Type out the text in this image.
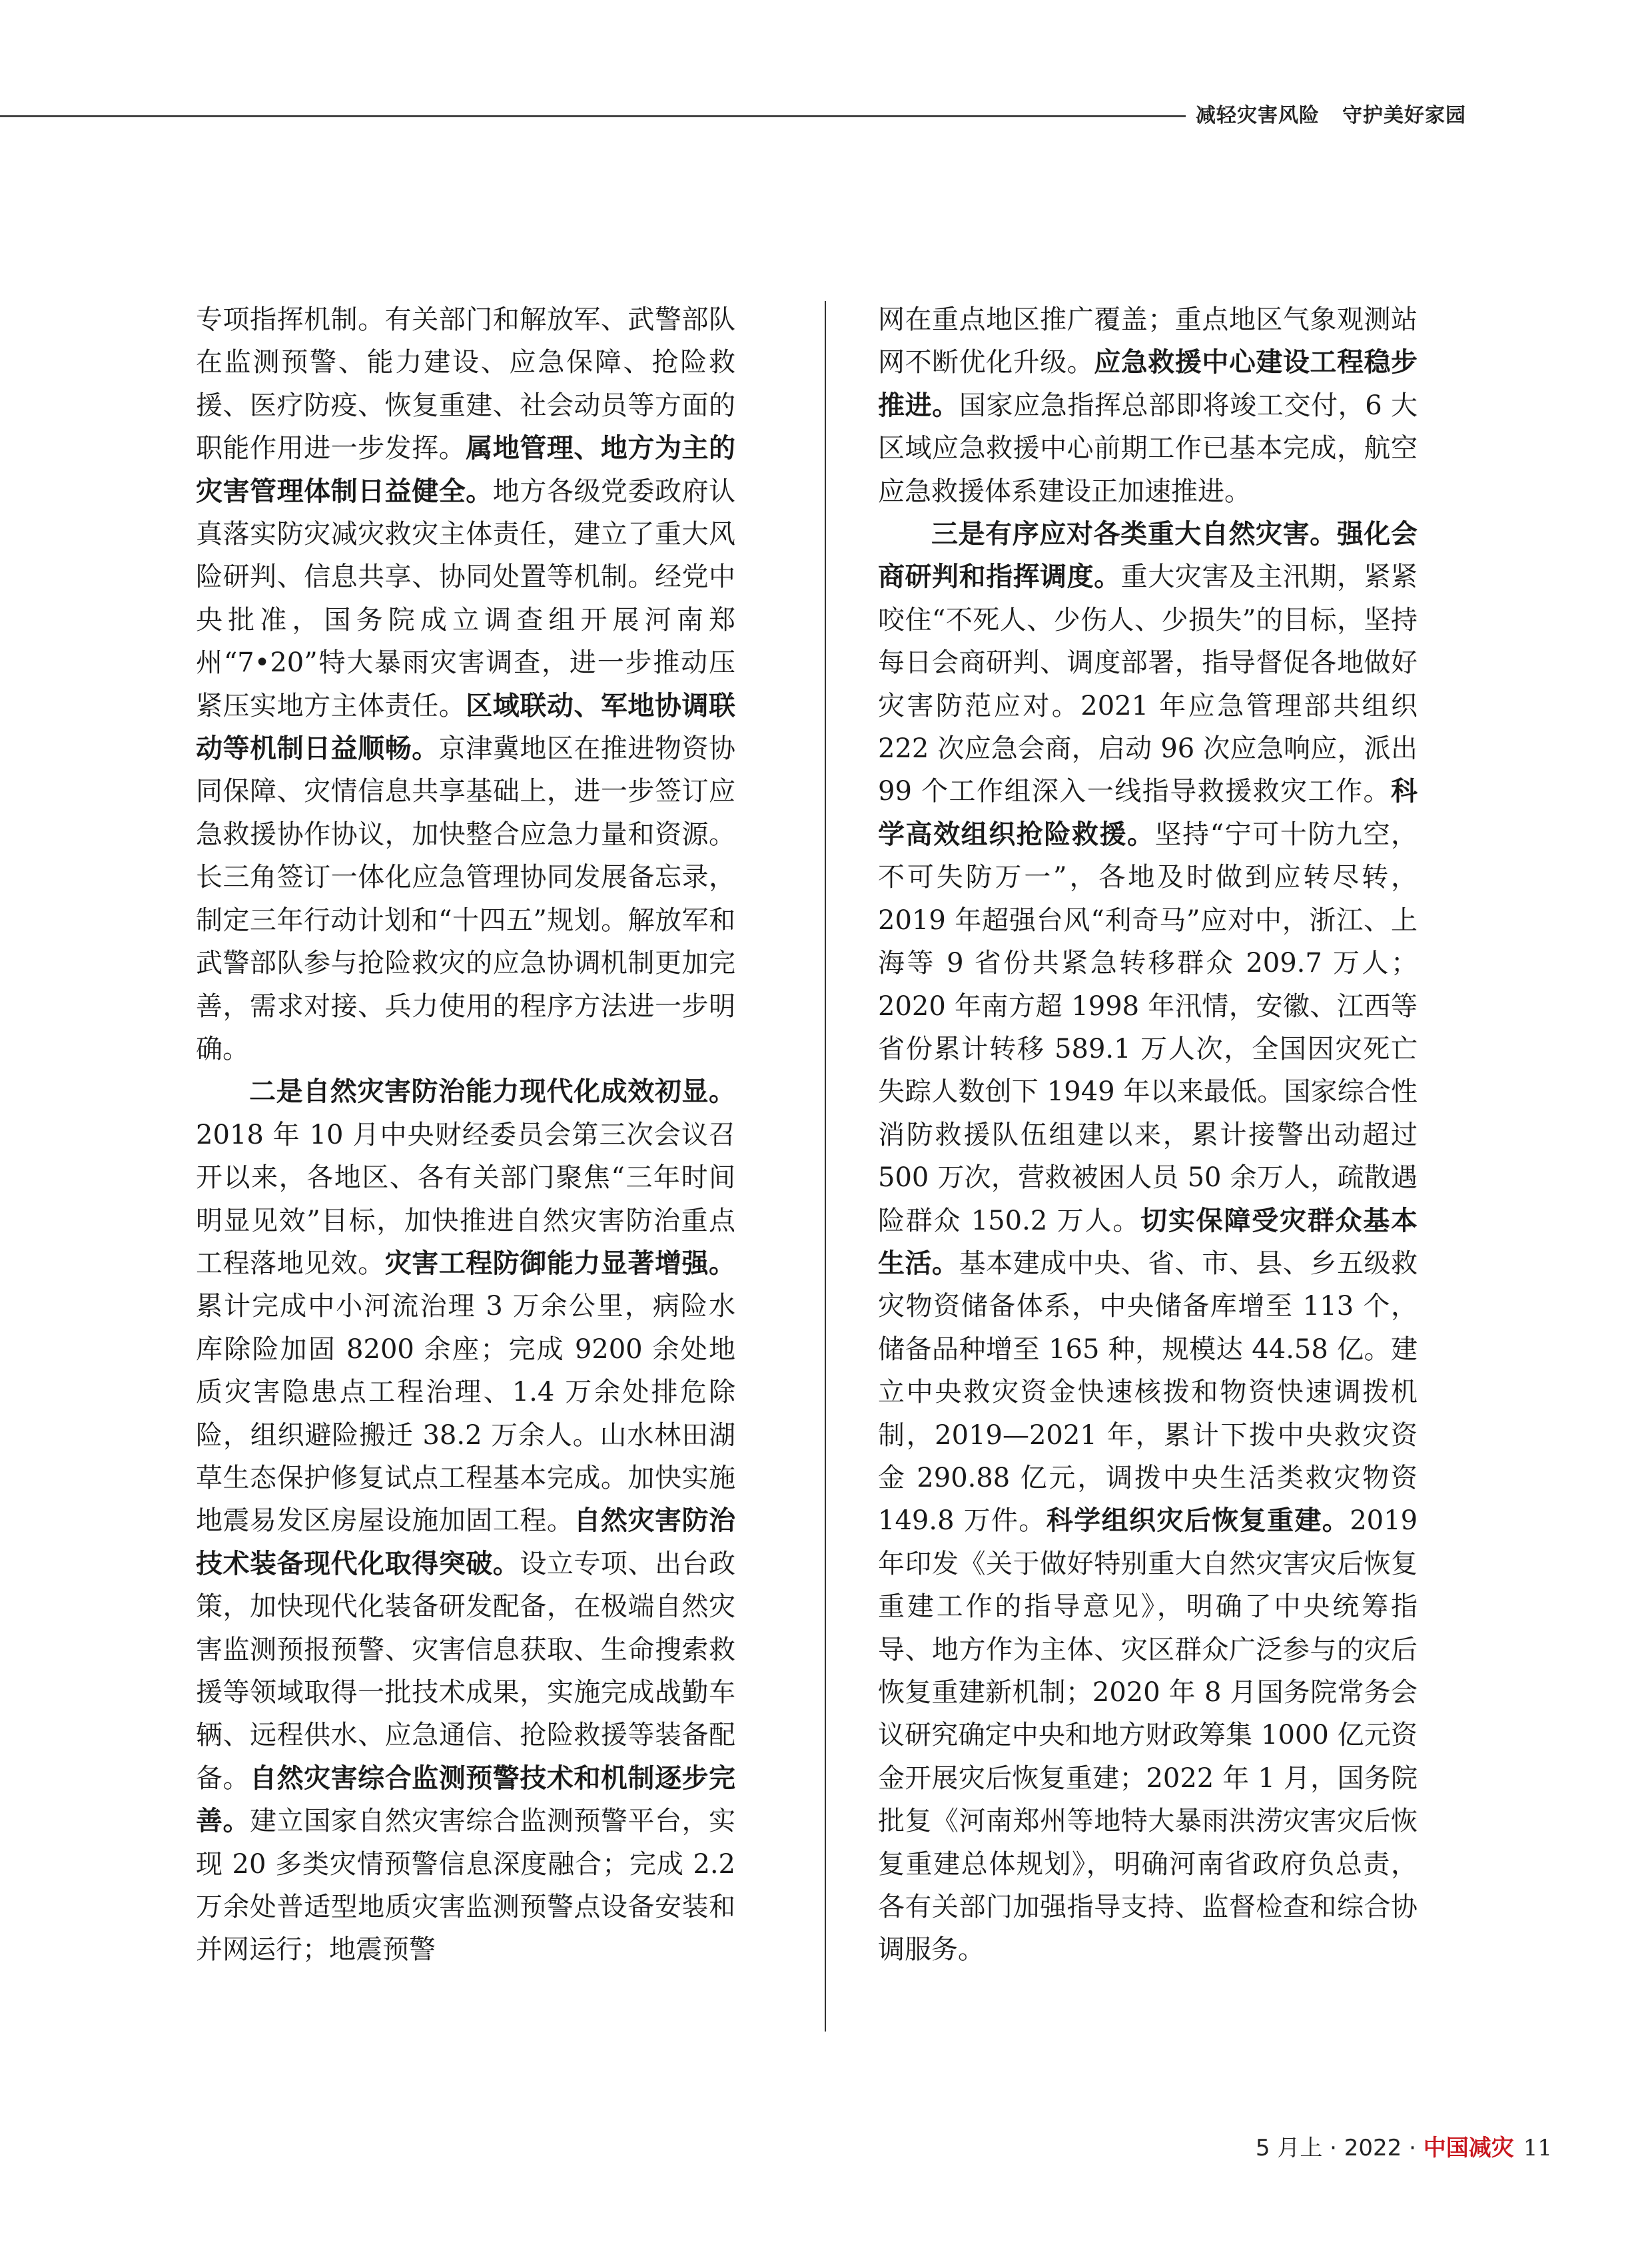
减轻灾害风险 守护美好家园

专项指挥机制。有关部门和解放军、武警部队在监测预警、能力建设、应急保障、抢险救援、医疗防疫、恢复重建、社会动员等方面的职能作用进一步发挥。属地管理、地方为主的灾害管理体制日益健全。地方各级党委政府认真落实防灾减灾救灾主体责任，建立了重大风险研判、信息共享、协同处置等机制。经党中央批准，国务院成立调查组开展河南郑州“7•20”特大暴雨灾害调查，进一步推动压紧压实地方主体责任。区域联动、军地协调联动等机制日益顺畅。京津冀地区在推进物资协同保障、灾情信息共享基础上，进一步签订应急救援协作协议，加快整合应急力量和资源。长三角签订一体化应急管理协同发展备忘录，制定三年行动计划和“十四五”规划。解放军和武警部队参与抢险救灾的应急协调机制更加完善，需求对接、兵力使用的程序方法进一步明确。

二是自然灾害防治能力现代化成效初显。2018 年 10 月中央财经委员会第三次会议召开以来，各地区、各有关部门聚焦“三年时间明显见效”目标，加快推进自然灾害防治重点工程落地见效。灾害工程防御能力显著增强。累计完成中小河流治理 3 万余公里，病险水库除险加固 8200 余座；完成 9200 余处地质灾害隐患点工程治理、1.4 万余处排危除险，组织避险搬迁 38.2 万余人。山水林田湖草生态保护修复试点工程基本完成。加快实施地震易发区房屋设施加固工程。自然灾害防治技术装备现代化取得突破。设立专项、出台政策，加快现代化装备研发配备，在极端自然灾害监测预报预警、灾害信息获取、生命搜索救援等领域取得一批技术成果，实施完成战勤车辆、远程供水、应急通信、抢险救援等装备配备。自然灾害综合监测预警技术和机制逐步完善。建立国家自然灾害综合监测预警平台，实现 20 多类灾情预警信息深度融合；完成 2.2 万余处普适型地质灾害监测预警点设备安装和并网运行；地震预警

网在重点地区推广覆盖；重点地区气象观测站网不断优化升级。应急救援中心建设工程稳步推进。国家应急指挥总部即将竣工交付，6 大区域应急救援中心前期工作已基本完成，航空应急救援体系建设正加速推进。

三是有序应对各类重大自然灾害。强化会商研判和指挥调度。重大灾害及主汛期，紧紧咬住“不死人、少伤人、少损失”的目标，坚持每日会商研判、调度部署，指导督促各地做好灾害防范应对。2021 年应急管理部共组织 222 次应急会商，启动 96 次应急响应，派出 99 个工作组深入一线指导救援救灾工作。科学高效组织抢险救援。坚持“宁可十防九空，不可失防万一”，各地及时做到应转尽转，2019 年超强台风“利奇马”应对中，浙江、上海等 9 省份共紧急转移群众 209.7 万人；2020 年南方超 1998 年汛情，安徽、江西等省份累计转移 589.1 万人次，全国因灾死亡失踪人数创下 1949 年以来最低。国家综合性消防救援队伍组建以来，累计接警出动超过 500 万次，营救被困人员 50 余万人，疏散遇险群众 150.2 万人。切实保障受灾群众基本生活。基本建成中央、省、市、县、乡五级救灾物资储备体系，中央储备库增至 113 个，储备品种增至 165 种，规模达 44.58 亿。建立中央救灾资金快速核拨和物资快速调拨机制，2019—2021 年，累计下拨中央救灾资金 290.88 亿元，调拨中央生活类救灾物资 149.8 万件。科学组织灾后恢复重建。2019 年印发《关于做好特别重大自然灾害灾后恢复重建工作的指导意见》，明确了中央统筹指导、地方作为主体、灾区群众广泛参与的灾后恢复重建新机制；2020 年 8 月国务院常务会议研究确定中央和地方财政筹集 1000 亿元资金开展灾后恢复重建；2022 年 1 月，国务院批复《河南郑州等地特大暴雨洪涝灾害灾后恢复重建总体规划》，明确河南省政府负总责，各有关部门加强指导支持、监督检查和综合协调服务。

5 月上 · 2022 · 中国减灾 11
